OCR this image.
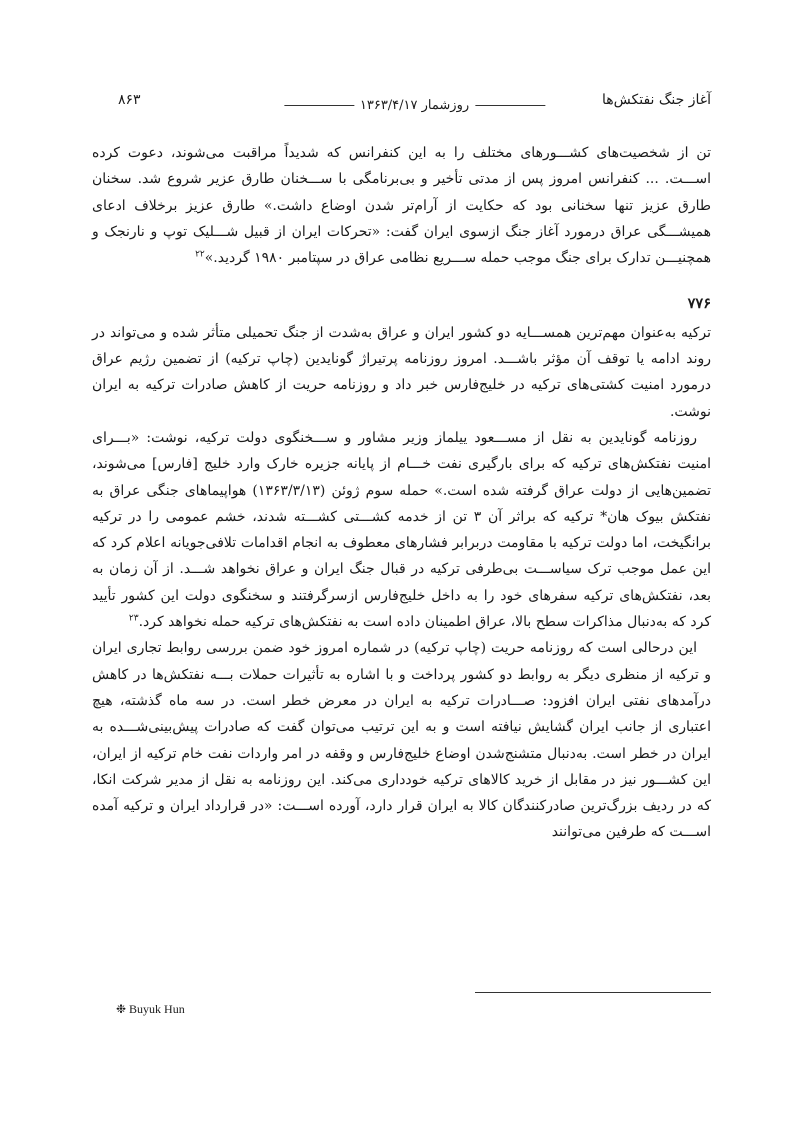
آغاز جنگ نفتکش‌ها
روزشمار ۱۳۶۳/۴/۱۷
۸۶۳

تن از شخصیت‌های کشـــورهای مختلف را به این کنفرانس که شدیداً مراقبت می‌شوند، دعوت کرده اســـت. ... کنفرانس امروز پس از مدتی تأخیر و بی‌برنامگی با ســـخنان طارق عزیر شروع شد. سخنان طارق عزیز تنها سخنانی بود که حکایت از آرام‌تر شدن اوضاع داشت.» طارق عزیز برخلاف ادعای همیشـــگی عراق درمورد آغاز جنگ ازسوی ایران گفت: «تحرکات ایران از قبیل شـــلیک توپ و نارنجک و همچنیـــن تدارک برای جنگ موجب حمله ســـریع نظامی عراق در سپتامبر ۱۹۸۰ گردید.»$^{۲۲}$

۷۷۶

ترکیه به‌عنوان مهم‌ترین همســـایه دو کشور ایران و عراق به‌شدت از جنگ تحمیلی متأثر شده و می‌تواند در روند ادامه یا توقف آن مؤثر باشـــد. امروز روزنامه پرتیراژ گونایدین (چاپ ترکیه) از تضمین رژیم عراق درمورد امنیت کشتی‌های ترکیه در خلیج‌فارس خبر داد و روزنامه حریت از کاهش صادرات ترکیه به ایران نوشت.

روزنامه گونایدین به نقل از مســـعود ییلماز وزیر مشاور و ســـخنگوی دولت ترکیه، نوشت: «بـــرای امنیت نفتکش‌های ترکیه که برای بارگیری نفت خـــام از پایانه جزیره خارک وارد خلیج [فارس] می‌شوند، تضمین‌هایی از دولت عراق گرفته شده است.» حمله سوم ژوئن (۱۳۶۳/۳/۱۳) هواپیماهای جنگی عراق به نفتکش بیوک هان* ترکیه که براثر آن ۳ تن از خدمه کشـــتی کشـــته شدند، خشم عمومی را در ترکیه برانگیخت، اما دولت ترکیه با مقاومت دربرابر فشارهای معطوف به انجام اقدامات تلافی‌جویانه اعلام کرد که این عمل موجب ترک سیاســـت بی‌طرفی ترکیه در قبال جنگ ایران و عراق نخواهد شـــد. از آن زمان به بعد، نفتکش‌های ترکیه سفرهای خود را به داخل خلیج‌فارس ازسرگرفتند و سخنگوی دولت این کشور تأیید کرد که به‌دنبال مذاکرات سطح بالا، عراق اطمینان داده است به نفتکش‌های ترکیه حمله نخواهد کرد.$^{۲۳}$

این درحالی است که روزنامه حریت (چاپ ترکیه) در شماره امروز خود ضمن بررسی روابط تجاری ایران و ترکیه از منظری دیگر به روابط دو کشور پرداخت و با اشاره به تأثیرات حملات بـــه نفتکش‌ها در کاهش درآمدهای نفتی ایران افزود: صـــادرات ترکیه به ایران در معرض خطر است. در سه ماه گذشته، هیچ اعتباری از جانب ایران گشایش نیافته است و به این ترتیب می‌توان گفت که صادرات پیش‌بینی‌شـــده به ایران در خطر است. به‌دنبال متشنج‌شدن اوضاع خلیج‌فارس و وقفه در امر واردات نفت خام ترکیه از ایران، این کشـــور نیز در مقابل از خرید کالاهای ترکیه خودداری می‌کند. این روزنامه به نقل از مدیر شرکت انکا، که در ردیف بزرگ‌ترین صادرکنندگان کالا به ایران قرار دارد، آورده اســـت: «در قرارداد ایران و ترکیه آمده اســـت که طرفین می‌توانند

❉ Buyuk Hun
